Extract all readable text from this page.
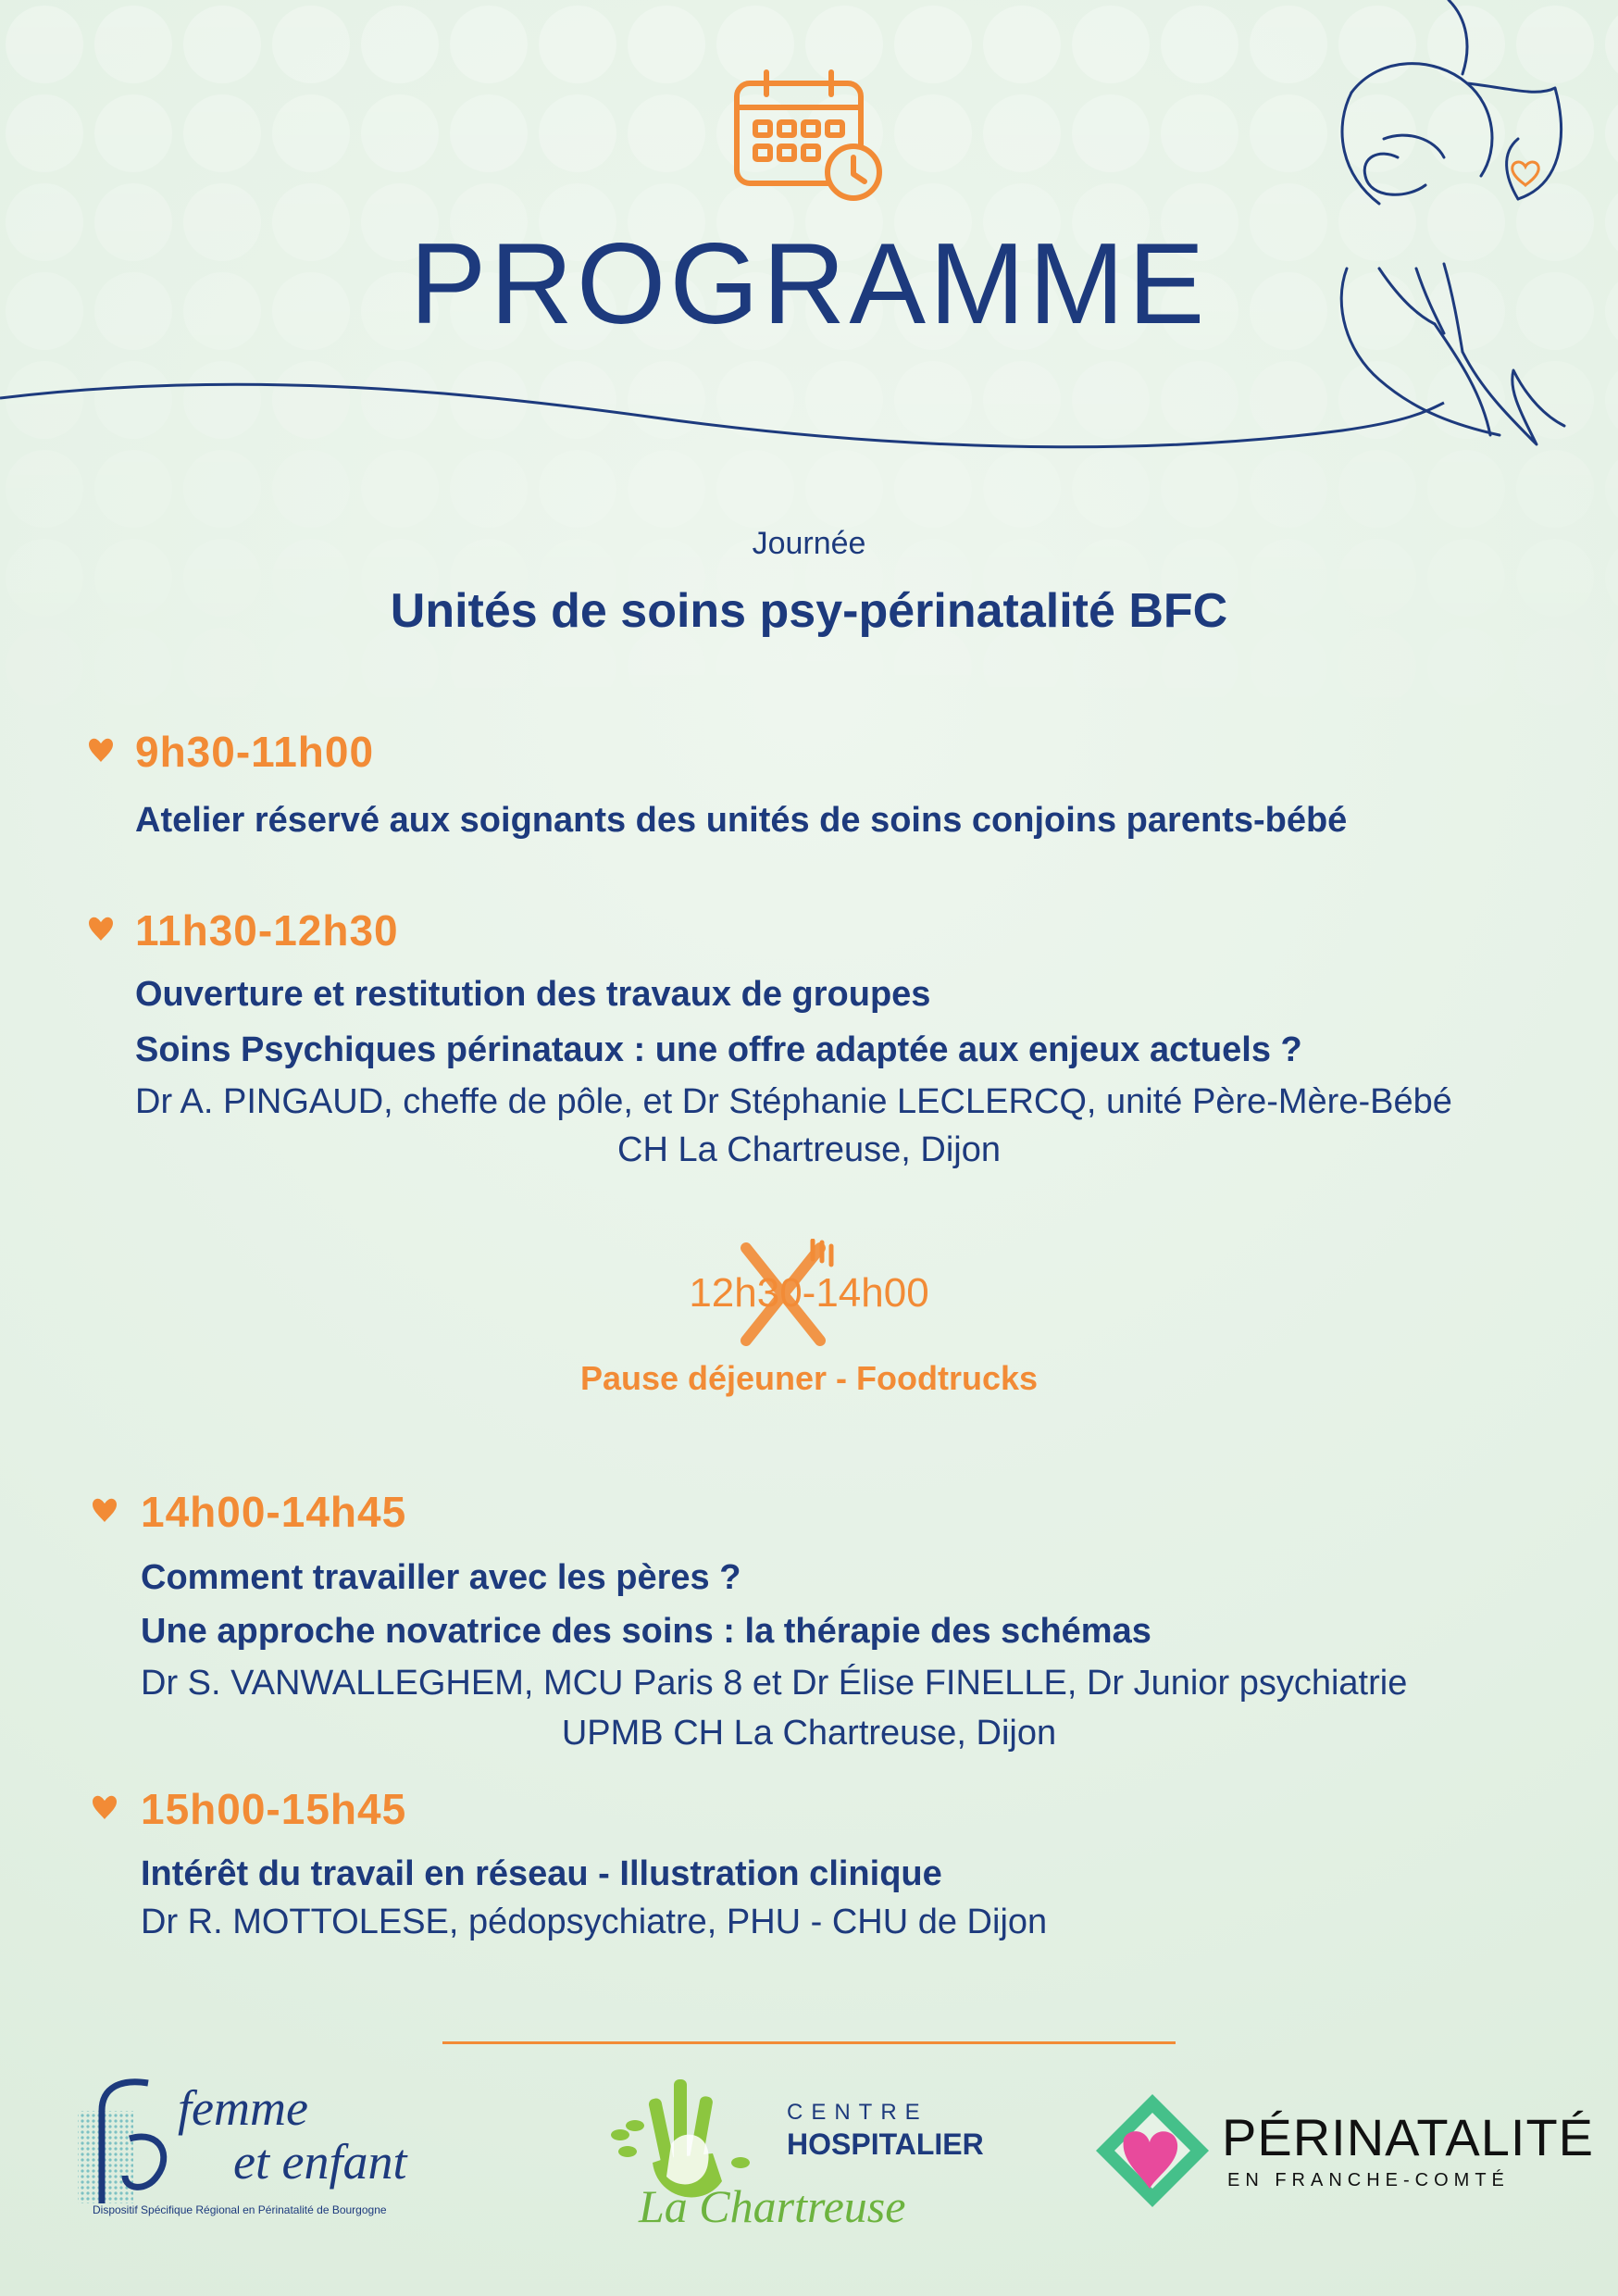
PROGRAMME
Journée
Unités de soins psy-périnatalité BFC
9h30-11h00
Atelier réservé aux soignants des unités de soins conjoins parents-bébé
11h30-12h30
Ouverture et restitution des travaux de groupes
Soins Psychiques périnataux : une offre adaptée aux enjeux actuels ?
Dr A. PINGAUD, cheffe de pôle, et Dr Stéphanie LECLERCQ, unité Père-Mère-Bébé
CH La Chartreuse, Dijon
12h30-14h00
Pause déjeuner - Foodtrucks
14h00-14h45
Comment travailler avec les pères ?
Une approche novatrice des soins : la thérapie des schémas
Dr S. VANWALLEGHEM, MCU Paris 8 et Dr Élise FINELLE, Dr Junior psychiatrie
UPMB CH La Chartreuse, Dijon
15h00-15h45
Intérêt du travail en réseau - Illustration clinique
Dr R. MOTTOLESE, pédopsychiatre, PHU - CHU de Dijon
femme
et enfant
Dispositif Spécifique Régional en Périnatalité de Bourgogne
CENTRE
HOSPITALIER
La Chartreuse
PÉRINATALITÉ
EN FRANCHE-COMTÉ
